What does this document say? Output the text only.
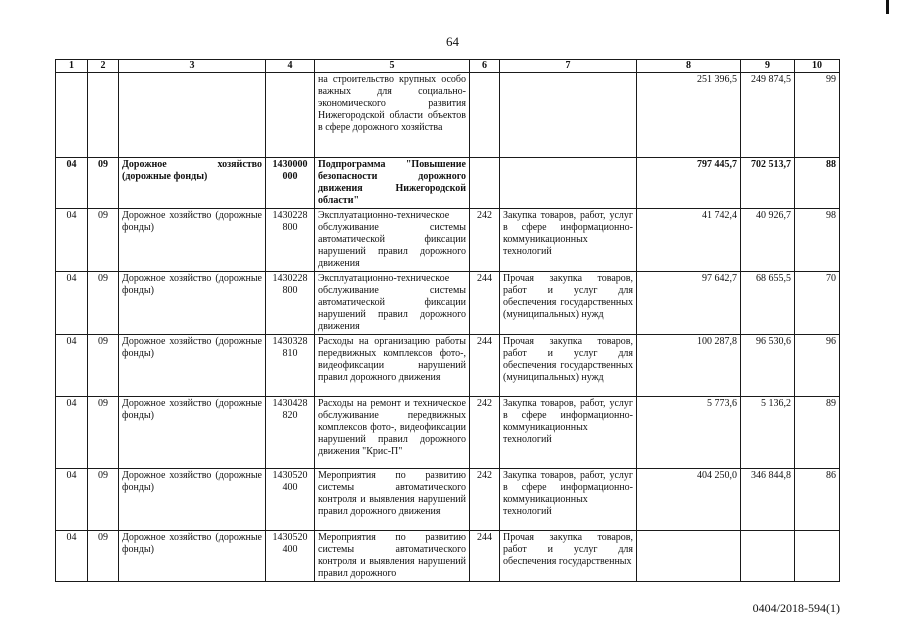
64
1	2	3	4	5	6	7	8	9	10
				на строительство крупных особо важных для социально-экономического развития Нижегородской области объектов в сфере дорожного хозяйства			251 396,5	249 874,5	99
04	09	Дорожное хозяйство (дорожные фонды)	1430000 000	Подпрограмма "Повышение безопасности дорожного движения Нижегородской области"			797 445,7	702 513,7	88
04	09	Дорожное хозяйство (дорожные фонды)	1430228 800	Эксплуатационно-техническое обслуживание системы автоматической фиксации нарушений правил дорожного движения	242	Закупка товаров, работ, услуг в сфере информационно-коммуникационных технологий	41 742,4	40 926,7	98
04	09	Дорожное хозяйство (дорожные фонды)	1430228 800	Эксплуатационно-техническое обслуживание системы автоматической фиксации нарушений правил дорожного движения	244	Прочая закупка товаров, работ и услуг для обеспечения государственных (муниципальных) нужд	97 642,7	68 655,5	70
04	09	Дорожное хозяйство (дорожные фонды)	1430328 810	Расходы на организацию работы передвижных комплексов фото-, видеофиксации нарушений правил дорожного движения	244	Прочая закупка товаров, работ и услуг для обеспечения государственных (муниципальных) нужд	100 287,8	96 530,6	96
04	09	Дорожное хозяйство (дорожные фонды)	1430428 820	Расходы на ремонт и техническое обслуживание передвижных комплексов фото-, видеофиксации нарушений правил дорожного движения "Крис-П"	242	Закупка товаров, работ, услуг в сфере информационно-коммуникационных технологий	5 773,6	5 136,2	89
04	09	Дорожное хозяйство (дорожные фонды)	1430520 400	Мероприятия по развитию системы автоматического контроля и выявления нарушений правил дорожного движения	242	Закупка товаров, работ, услуг в сфере информационно-коммуникационных технологий	404 250,0	346 844,8	86
04	09	Дорожное хозяйство (дорожные фонды)	1430520 400	Мероприятия по развитию системы автоматического контроля и выявления нарушений правил дорожного	244	Прочая закупка товаров, работ и услуг для обеспечения государственных			
0404/2018-594(1)
